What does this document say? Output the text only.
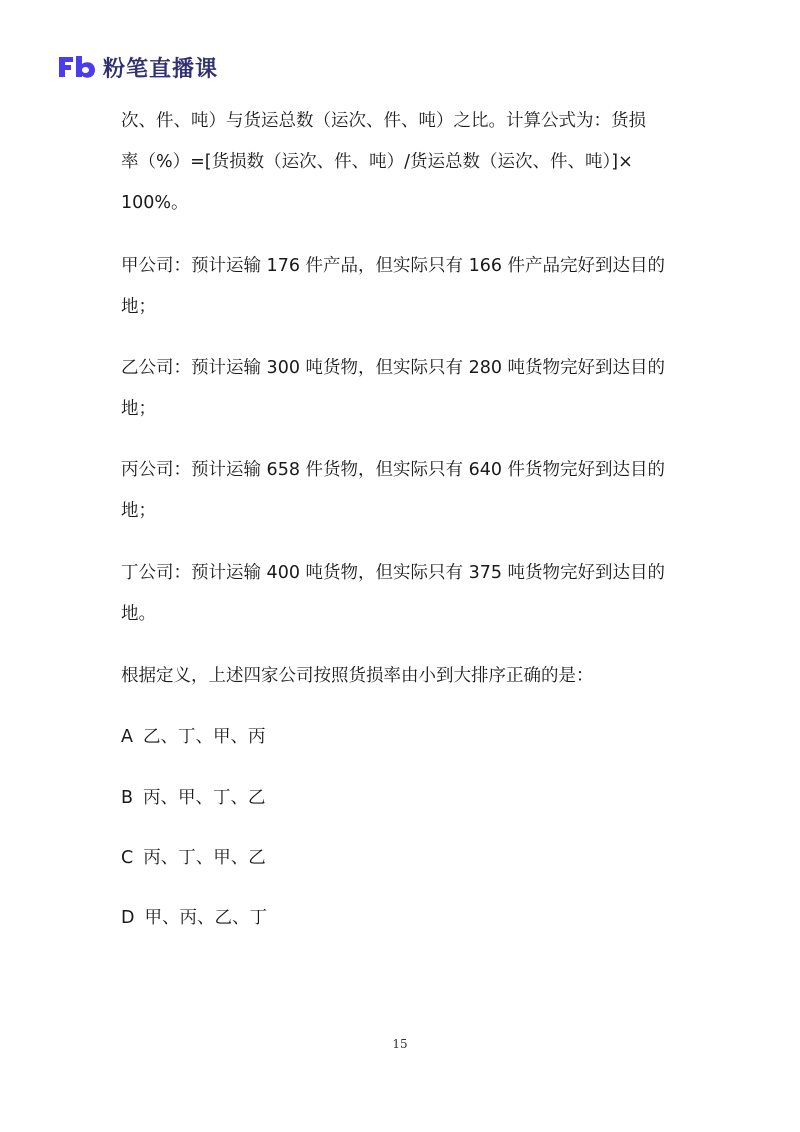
粉笔直播课
次、件、吨）与货运总数（运次、件、吨）之比。计算公式为：货损
率（%）=[货损数（运次、件、吨）/货运总数（运次、件、吨）]×
100%。
甲公司：预计运输 176 件产品，但实际只有 166 件产品完好到达目的
地；
乙公司：预计运输 300 吨货物，但实际只有 280 吨货物完好到达目的
地；
丙公司：预计运输 658 件货物，但实际只有 640 件货物完好到达目的
地；
丁公司：预计运输 400 吨货物，但实际只有 375 吨货物完好到达目的
地。
根据定义，上述四家公司按照货损率由小到大排序正确的是：
A 乙、丁、甲、丙
B 丙、甲、丁、乙
C 丙、丁、甲、乙
D 甲、丙、乙、丁
15
